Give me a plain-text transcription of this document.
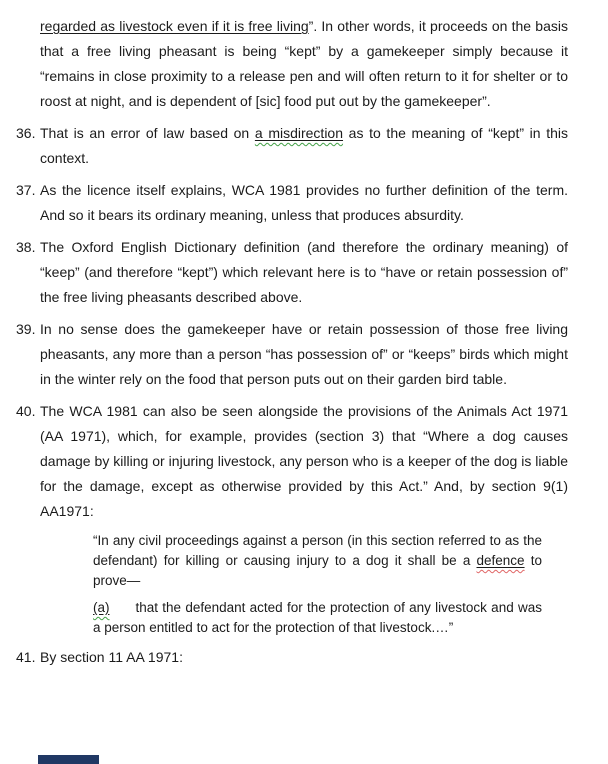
regarded as livestock even if it is free living”. In other words, it proceeds on the basis that a free living pheasant is being “kept” by a gamekeeper simply because it “remains in close proximity to a release pen and will often return to it for shelter or to roost at night, and is dependent of [sic] food put out by the gamekeeper”.
36. That is an error of law based on a misdirection as to the meaning of “kept” in this context.
37. As the licence itself explains, WCA 1981 provides no further definition of the term. And so it bears its ordinary meaning, unless that produces absurdity.
38. The Oxford English Dictionary definition (and therefore the ordinary meaning) of “keep” (and therefore “kept”) which relevant here is to “have or retain possession of” the free living pheasants described above.
39. In no sense does the gamekeeper have or retain possession of those free living pheasants, any more than a person “has possession of” or “keeps” birds which might in the winter rely on the food that person puts out on their garden bird table.
40. The WCA 1981 can also be seen alongside the provisions of the Animals Act 1971 (AA 1971), which, for example, provides (section 3) that “Where a dog causes damage by killing or injuring livestock, any person who is a keeper of the dog is liable for the damage, except as otherwise provided by this Act.” And, by section 9(1) AA1971:
“In any civil proceedings against a person (in this section referred to as the defendant) for killing or causing injury to a dog it shall be a defence to prove—
(a) that the defendant acted for the protection of any livestock and was a person entitled to act for the protection of that livestock.…”
41. By section 11 AA 1971:
